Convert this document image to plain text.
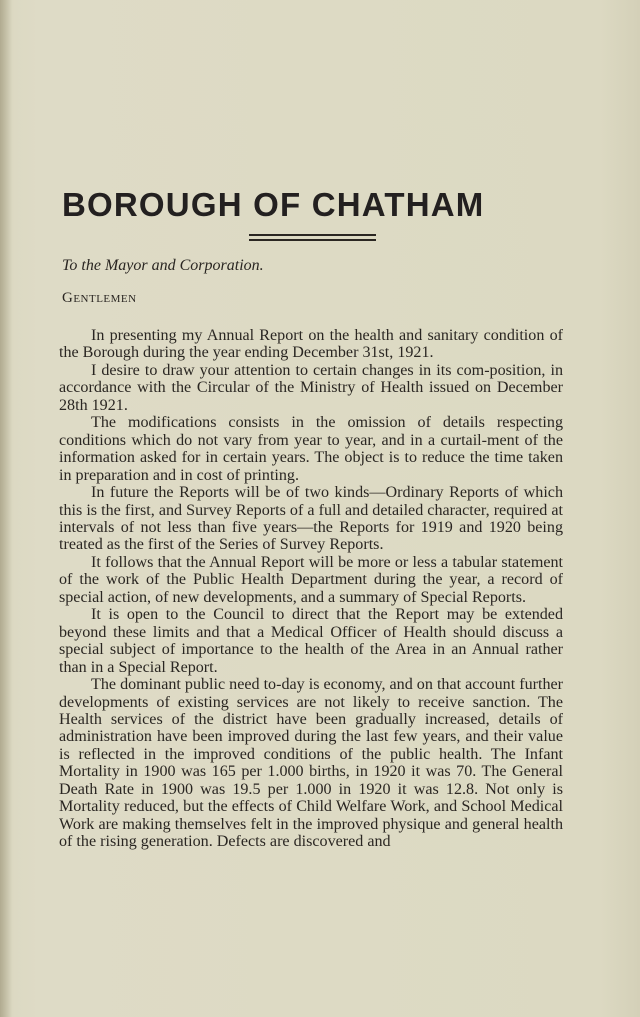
BOROUGH OF CHATHAM
To the Mayor and Corporation.
Gentlemen

In presenting my Annual Report on the health and sanitary condition of the Borough during the year ending December 31st, 1921.

I desire to draw your attention to certain changes in its com-position, in accordance with the Circular of the Ministry of Health issued on December 28th 1921.

The modifications consists in the omission of details respecting conditions which do not vary from year to year, and in a curtail-ment of the information asked for in certain years. The object is to reduce the time taken in preparation and in cost of printing.

In future the Reports will be of two kinds—Ordinary Reports of which this is the first, and Survey Reports of a full and detailed character, required at intervals of not less than five years—the Reports for 1919 and 1920 being treated as the first of the Series of Survey Reports.

It follows that the Annual Report will be more or less a tabular statement of the work of the Public Health Department during the year, a record of special action, of new developments, and a summary of Special Reports.

It is open to the Council to direct that the Report may be extended beyond these limits and that a Medical Officer of Health should discuss a special subject of importance to the health of the Area in an Annual rather than in a Special Report.

The dominant public need to-day is economy, and on that account further developments of existing services are not likely to receive sanction. The Health services of the district have been gradually increased, details of administration have been improved during the last few years, and their value is reflected in the improved conditions of the public health. The Infant Mortality in 1900 was 165 per 1.000 births, in 1920 it was 70. The General Death Rate in 1900 was 19.5 per 1.000 in 1920 it was 12.8. Not only is Mortality reduced, but the effects of Child Welfare Work, and School Medical Work are making themselves felt in the improved physique and general health of the rising generation. Defects are discovered and
